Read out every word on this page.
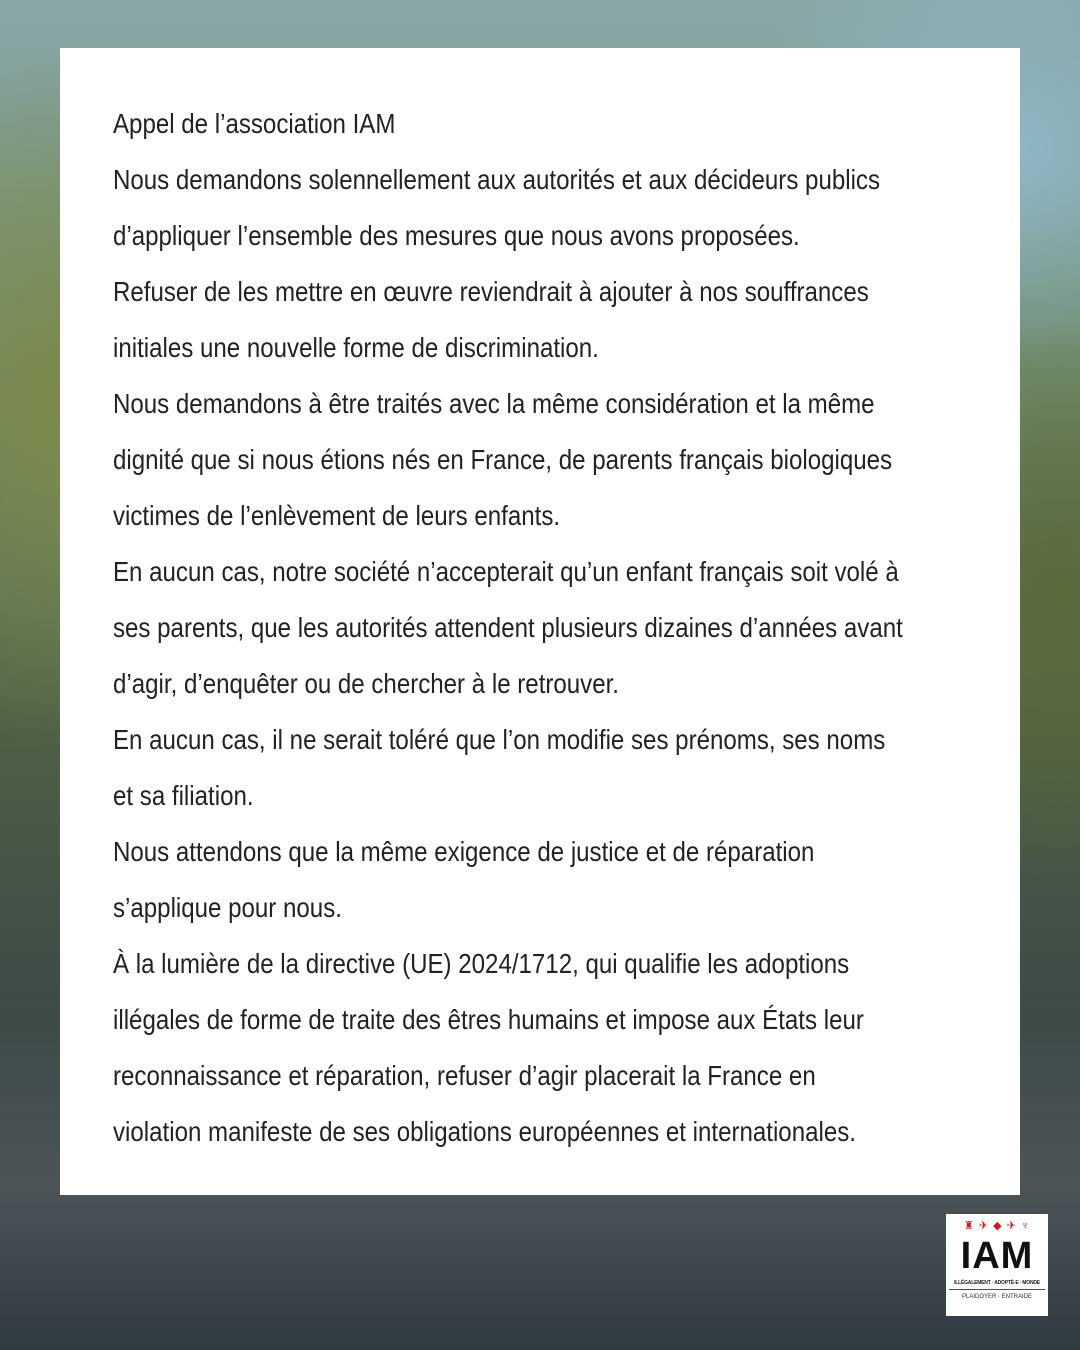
Appel de l’association IAM
Nous demandons solennellement aux autorités et aux décideurs publics
d’appliquer l’ensemble des mesures que nous avons proposées.
Refuser de les mettre en œuvre reviendrait à ajouter à nos souffrances
initiales une nouvelle forme de discrimination.
Nous demandons à être traités avec la même considération et la même
dignité que si nous étions nés en France, de parents français biologiques
victimes de l’enlèvement de leurs enfants.
En aucun cas, notre société n’accepterait qu’un enfant français soit volé à
ses parents, que les autorités attendent plusieurs dizaines d’années avant
d’agir, d’enquêter ou de chercher à le retrouver.
En aucun cas, il ne serait toléré que l’on modifie ses prénoms, ses noms
et sa filiation.
Nous attendons que la même exigence de justice et de réparation
s’applique pour nous.
À la lumière de la directive (UE) 2024/1712, qui qualifie les adoptions
illégales de forme de traite des êtres humains et impose aux États leur
reconnaissance et réparation, refuser d’agir placerait la France en
violation manifeste de ses obligations européennes et internationales.
♜ ✈ ◆ ✈ ♆
IAM
ILLÉGALEMENT · ADOPTÉ·E · MONDE
PLAIDOYER · ENTRAIDE
